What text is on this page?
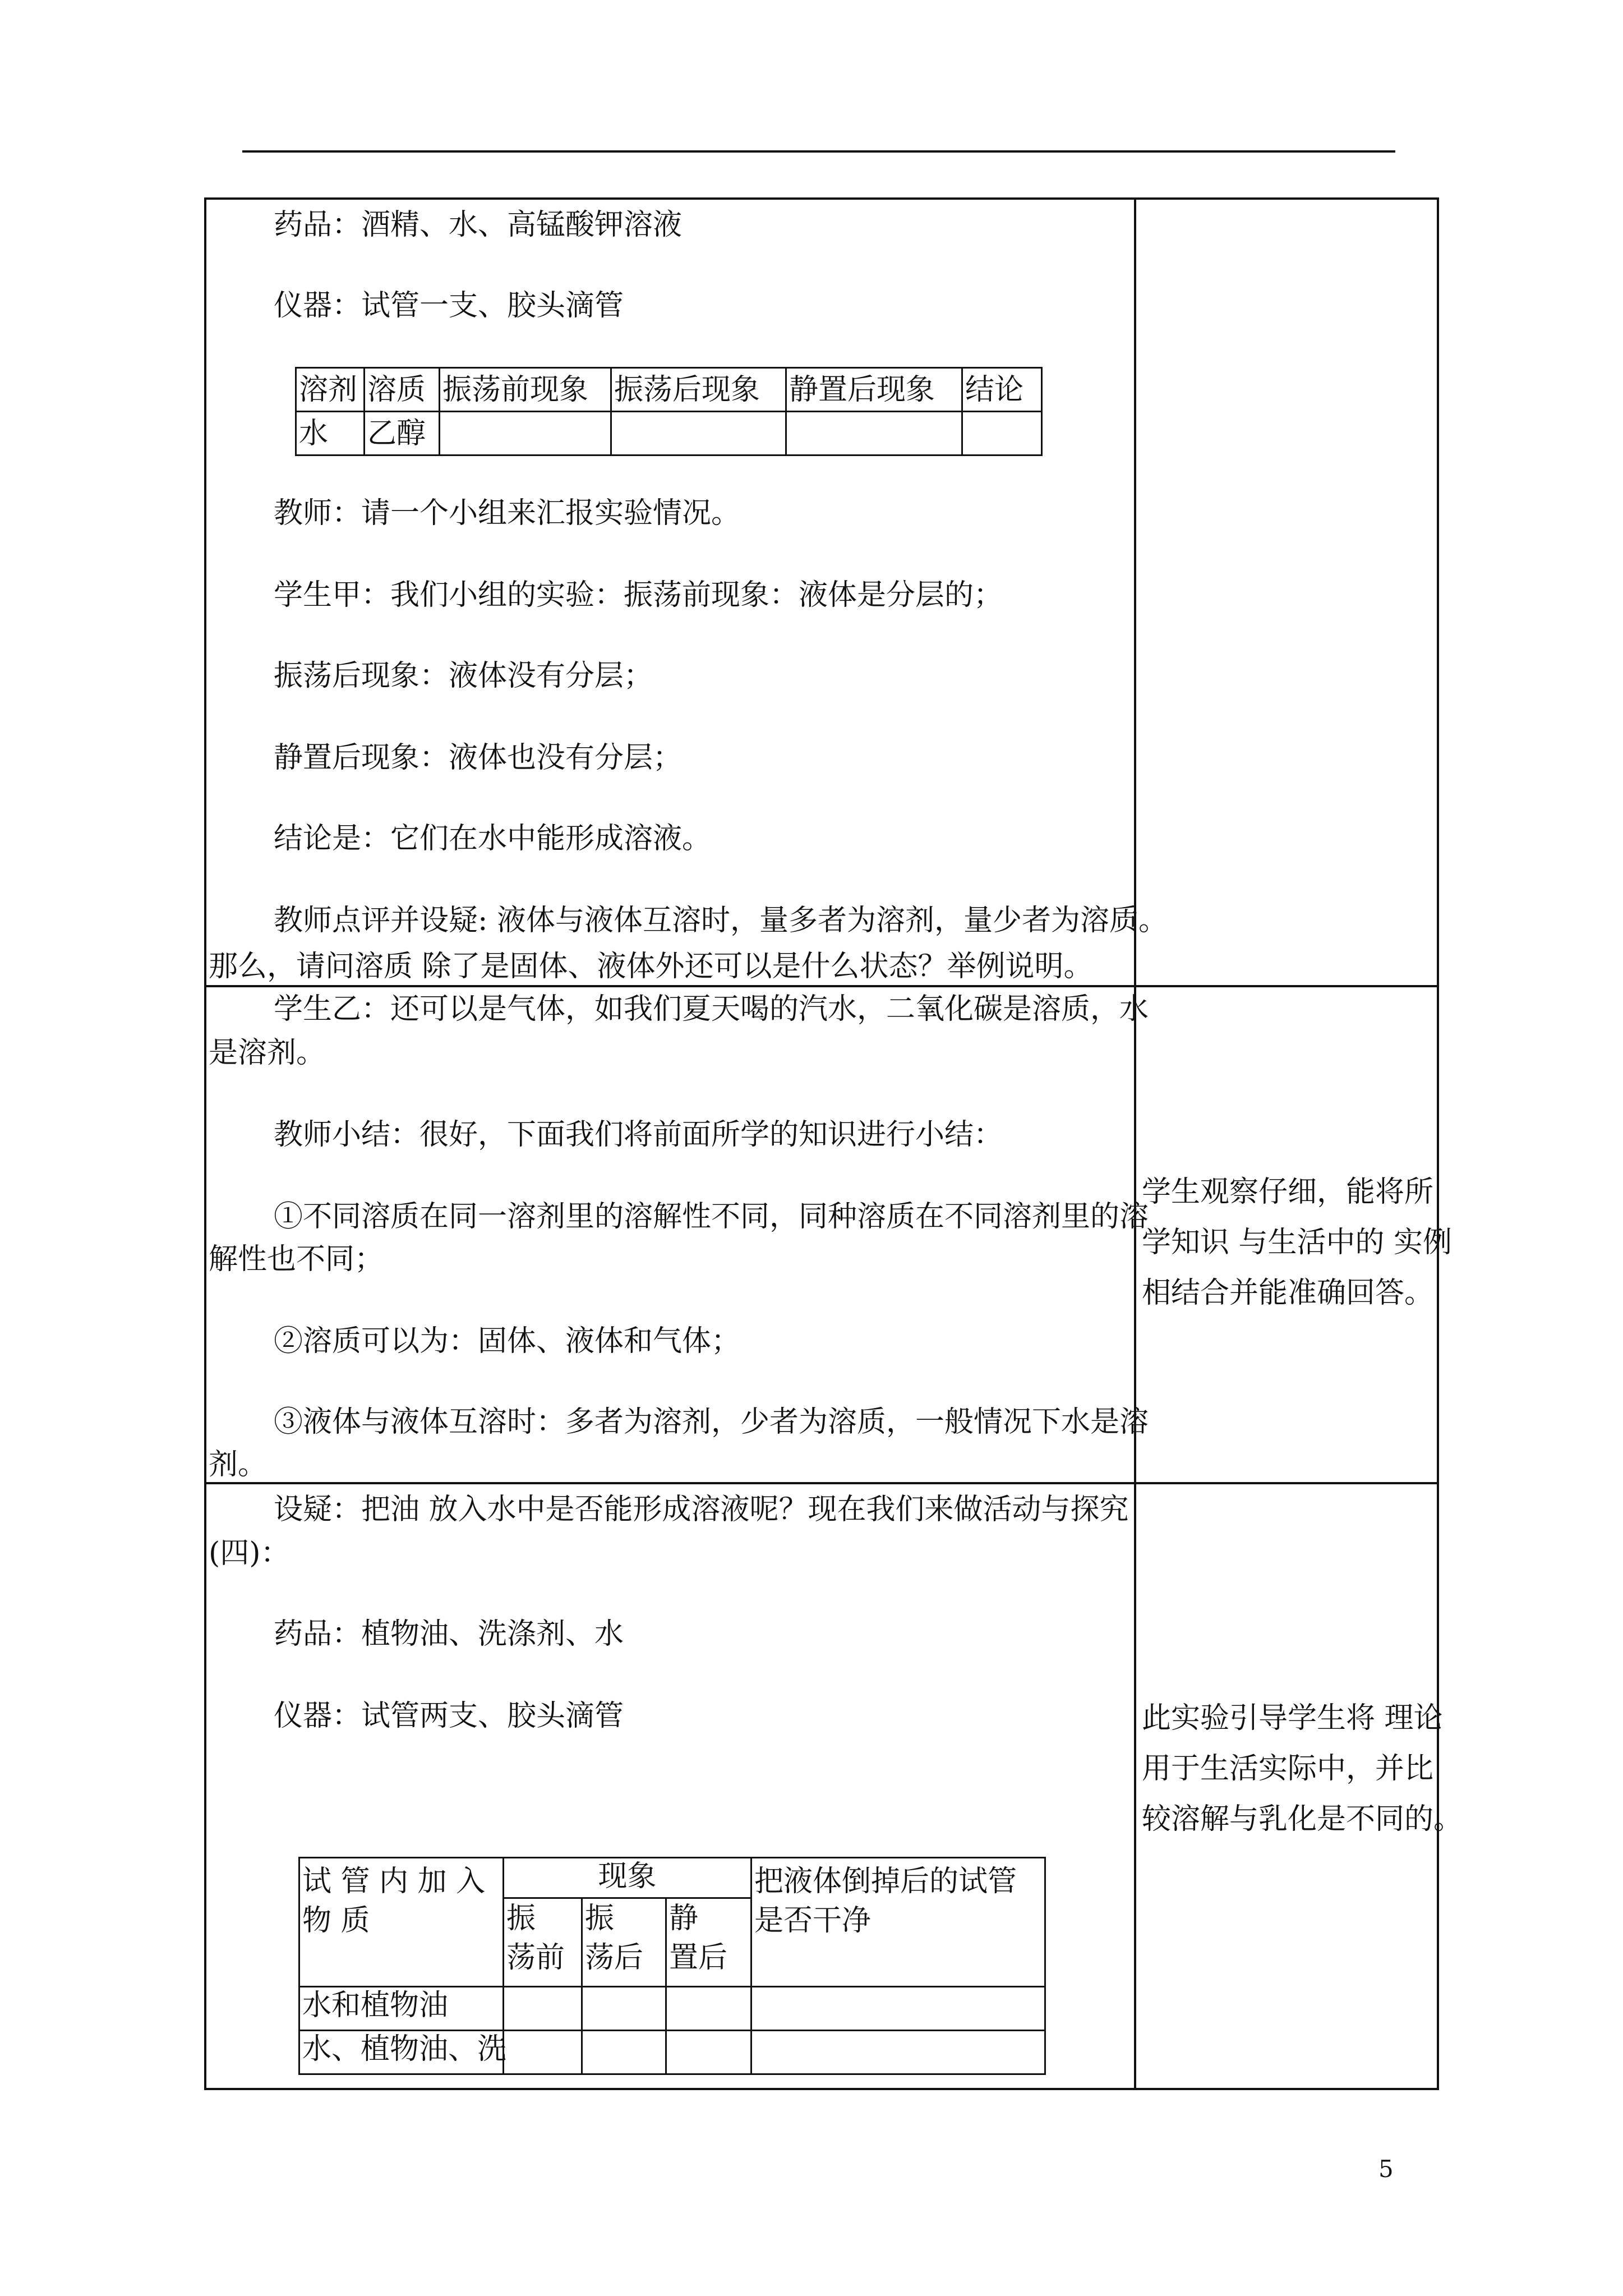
药品：酒精、水、高锰酸钾溶液
仪器：试管一支、胶头滴管
溶剂	溶质	振荡前现象	振荡后现象	静置后现象	结论
水	乙醇				
教师：请一个小组来汇报实验情况。
学生甲：我们小组的实验：振荡前现象：液体是分层的；
振荡后现象：液体没有分层；
静置后现象：液体也没有分层；
结论是：它们在水中能形成溶液。
教师点评并设疑: 液体与液体互溶时，量多者为溶剂，量少者为溶质。
那么，请问溶质 除了是固体、液体外还可以是什么状态？举例说明。

学生乙：还可以是气体，如我们夏天喝的汽水，二氧化碳是溶质，水
是溶剂。
教师小结：很好，下面我们将前面所学的知识进行小结：
①不同溶质在同一溶剂里的溶解性不同，同种溶质在不同溶剂里的溶
解性也不同；
②溶质可以为：固体、液体和气体；
③液体与液体互溶时：多者为溶剂，少者为溶质，一般情况下水是溶
剂。

学生观察仔细，能将所
学知识 与生活中的 实例
相结合并能准确回答。

设疑：把油 放入水中是否能形成溶液呢？现在我们来做活动与探究
(四)：
药品：植物油、洗涤剂、水
仪器：试管两支、胶头滴管
试 管 内 加 入 物 质	现象	把液体倒掉后的试管是否干净
振　荡前	振　荡后	静　置后
水和植物油				
水、植物油、洗				

此实验引导学生将 理论
用于生活实际中，并比
较溶解与乳化是不同的。
5
